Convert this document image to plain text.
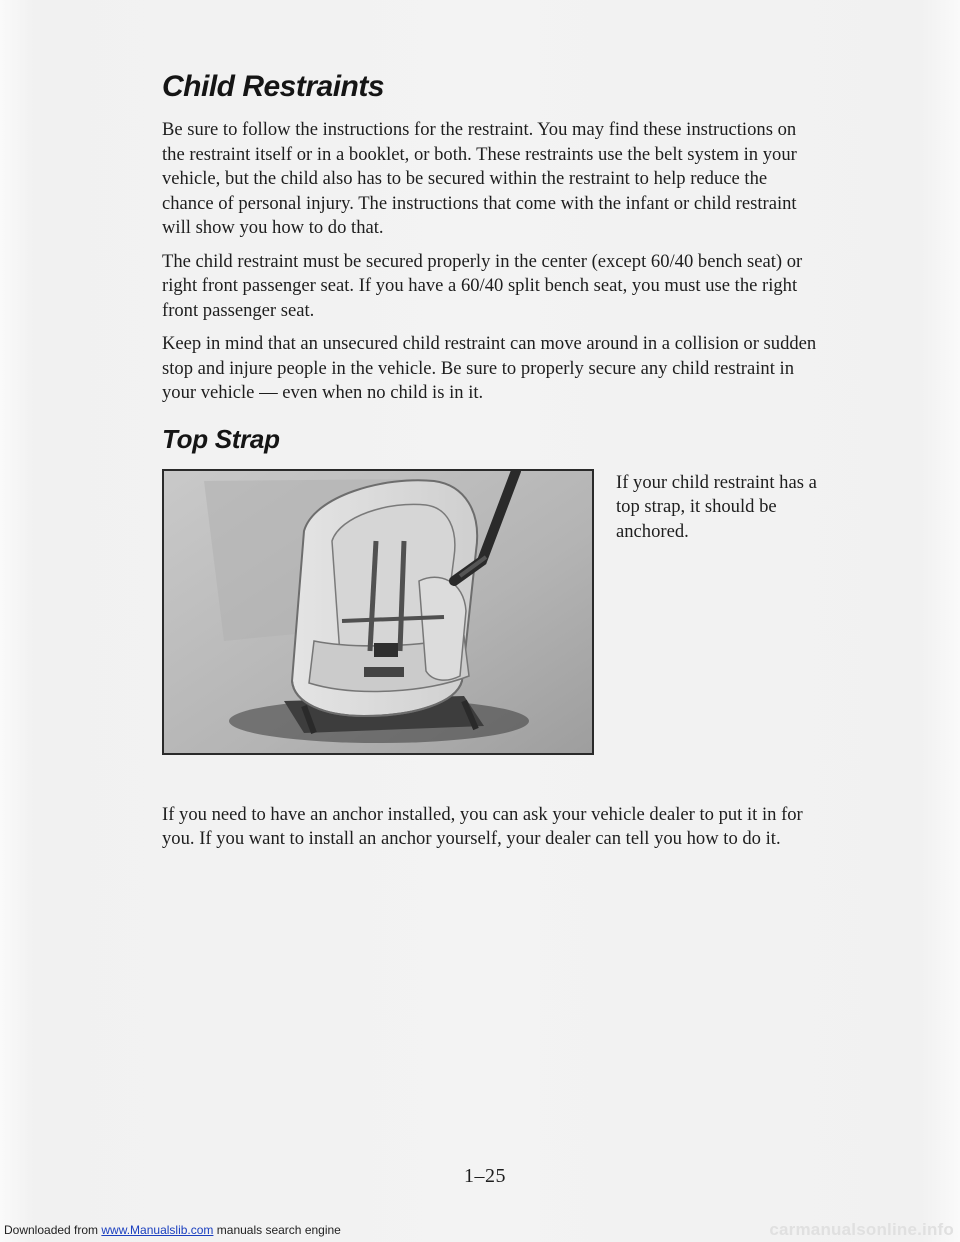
Child Restraints

Be sure to follow the instructions for the restraint. You may find these instructions on the restraint itself or in a booklet, or both. These restraints use the belt system in your vehicle, but the child also has to be secured within the restraint to help reduce the chance of personal injury. The instructions that come with the infant or child restraint will show you how to do that.

The child restraint must be secured properly in the center (except 60/40 bench seat) or right front passenger seat. If you have a 60/40 split bench seat, you must use the right front passenger seat.

Keep in mind that an unsecured child restraint can move around in a collision or sudden stop and injure people in the vehicle. Be sure to properly secure any child restraint in your vehicle — even when no child is in it.

Top Strap
If your child restraint has a top strap, it should be anchored.

If you need to have an anchor installed, you can ask your vehicle dealer to put it in for you. If you want to install an anchor yourself, your dealer can tell you how to do it.

1–25
Downloaded from www.Manualslib.com manuals search engine	carmanualsonline.info
